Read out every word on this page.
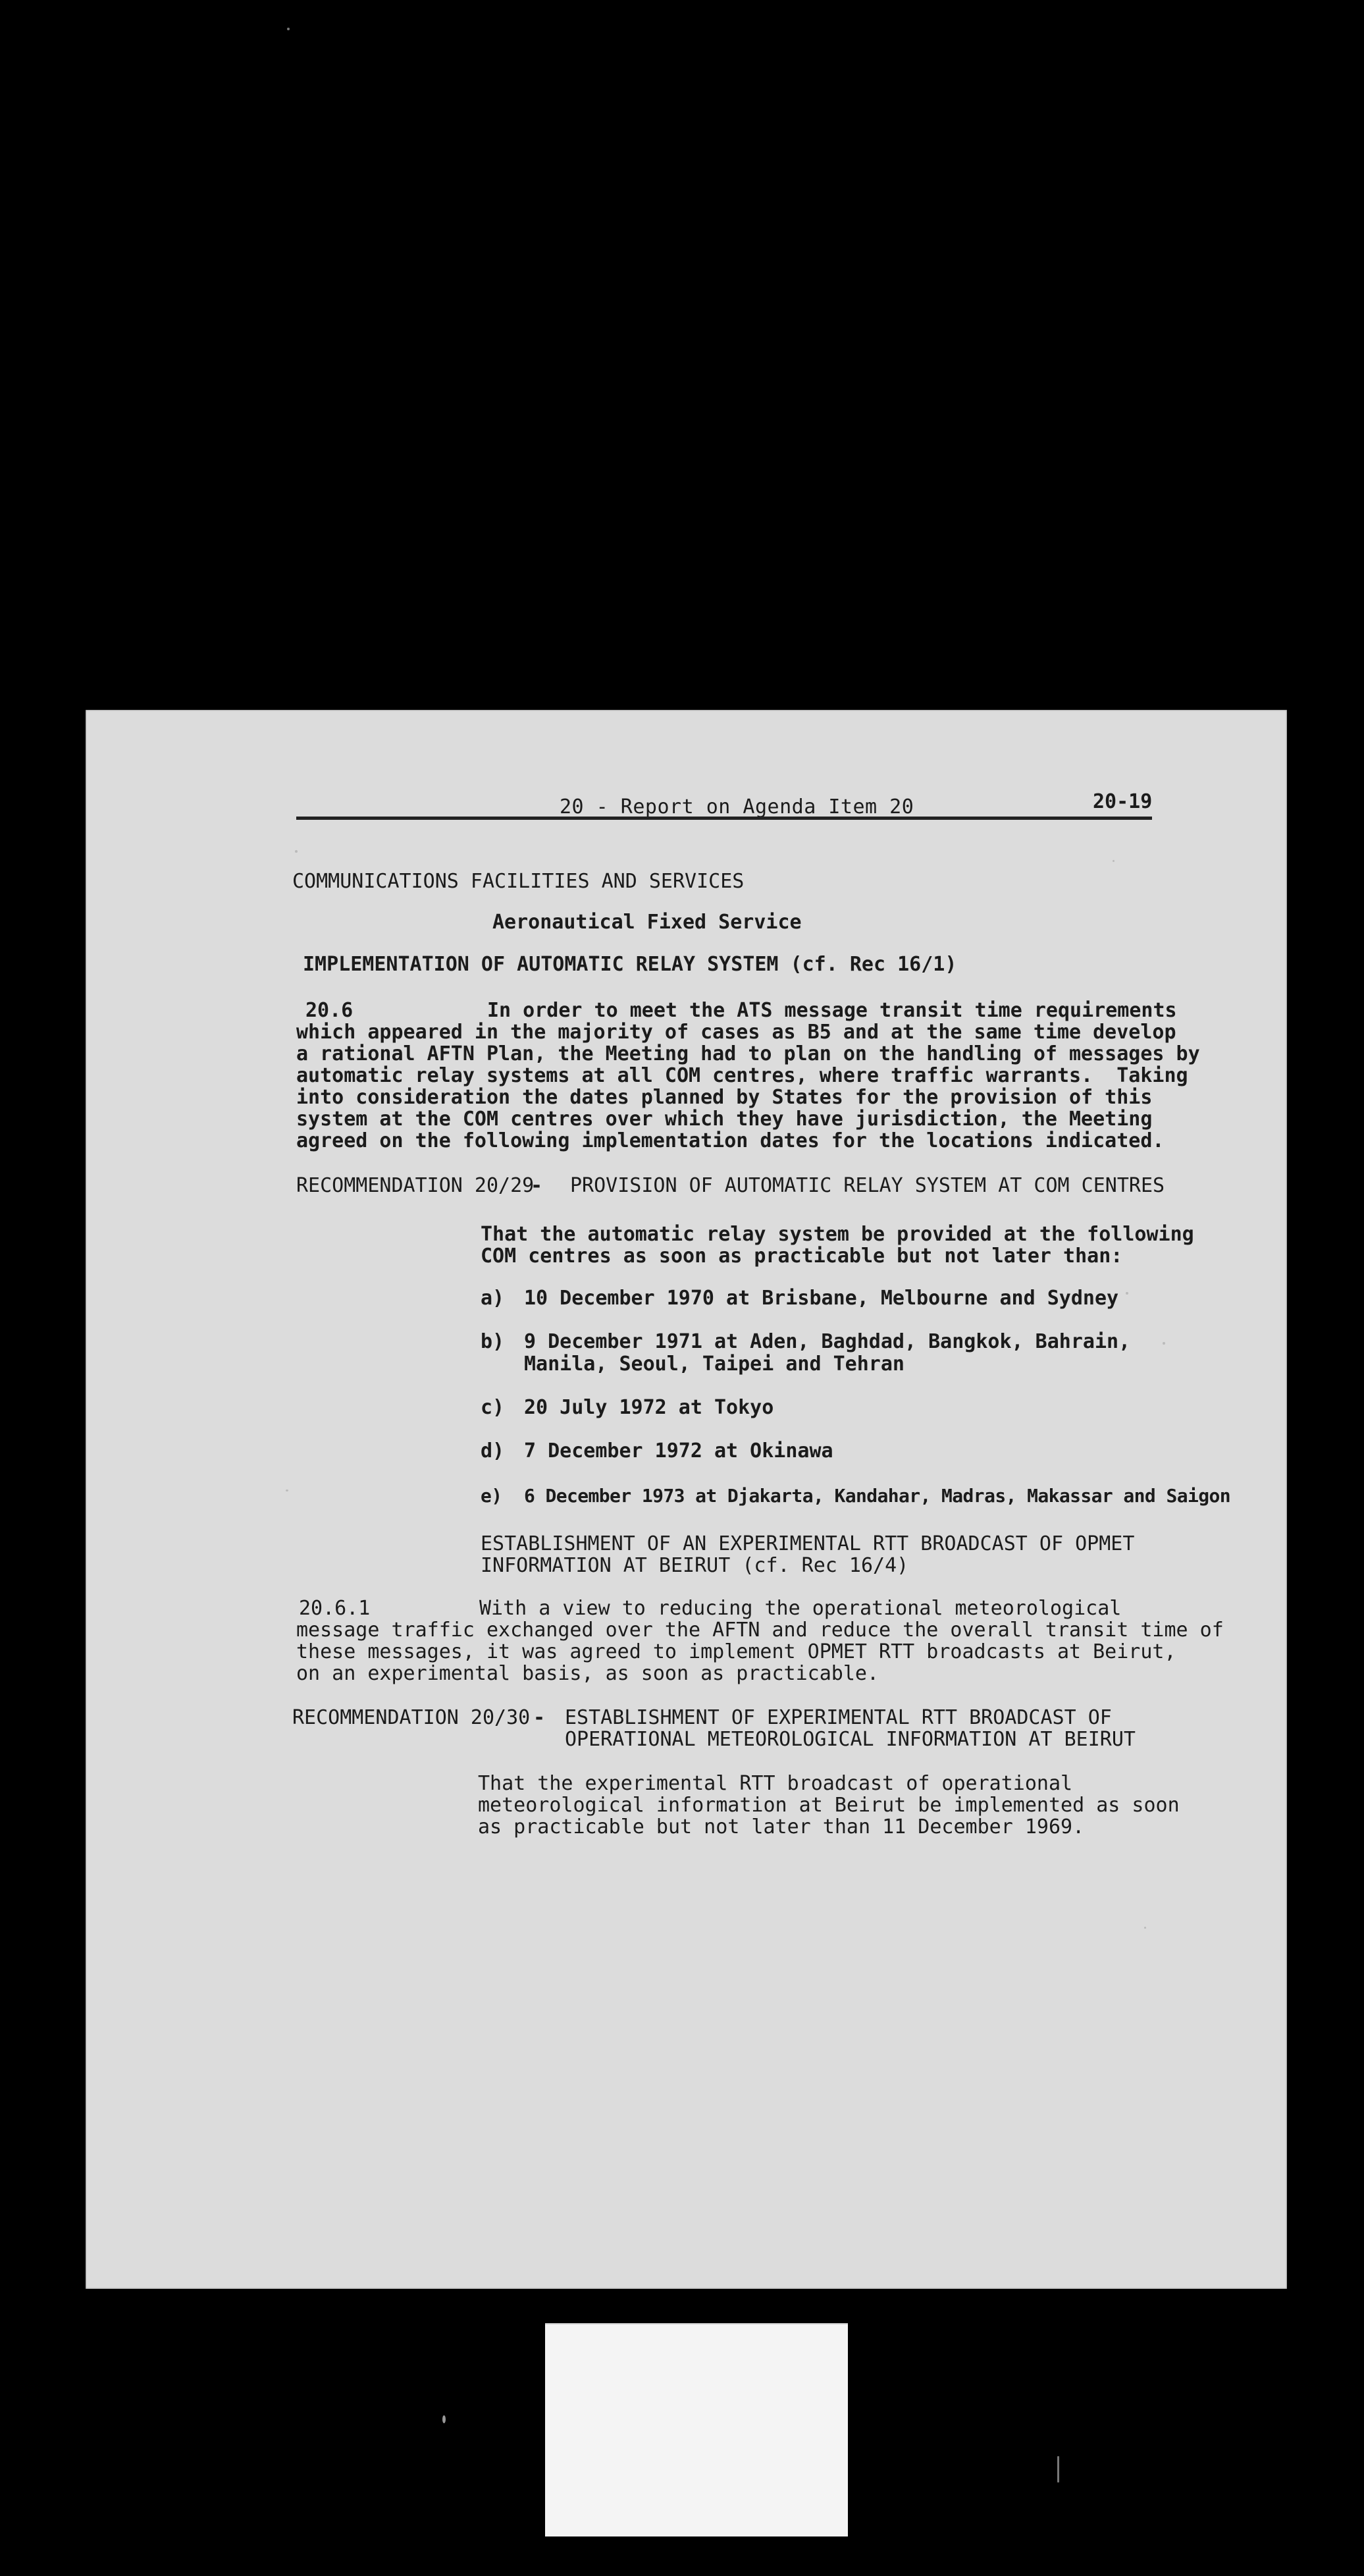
20 - Report on Agenda Item 20	20-19
COMMUNICATIONS FACILITIES AND SERVICES
Aeronautical Fixed Service
IMPLEMENTATION OF AUTOMATIC RELAY SYSTEM (cf. Rec 16/1)
20.6	In order to meet the ATS message transit time requirements
which appeared in the majority of cases as B5 and at the same time develop
a rational AFTN Plan, the Meeting had to plan on the handling of messages by
automatic relay systems at all COM centres, where traffic warrants.  Taking
into consideration the dates planned by States for the provision of this
system at the COM centres over which they have jurisdiction, the Meeting
agreed on the following implementation dates for the locations indicated.
RECOMMENDATION 20/29
- PROVISION OF AUTOMATIC RELAY SYSTEM AT COM CENTRES
That the automatic relay system be provided at the following
COM centres as soon as practicable but not later than:
a) 10 December 1970 at Brisbane, Melbourne and Sydney
b) 9 December 1971 at Aden, Baghdad, Bangkok, Bahrain,
Manila, Seoul, Taipei and Tehran
c) 20 July 1972 at Tokyo
d) 7 December 1972 at Okinawa
e) 6 December 1973 at Djakarta, Kandahar, Madras, Makassar and Saigon
ESTABLISHMENT OF AN EXPERIMENTAL RTT BROADCAST OF OPMET
INFORMATION AT BEIRUT (cf. Rec 16/4)
20.6.1	With a view to reducing the operational meteorological
message traffic exchanged over the AFTN and reduce the overall transit time of
these messages, it was agreed to implement OPMET RTT broadcasts at Beirut,
on an experimental basis, as soon as practicable.
RECOMMENDATION 20/30 - ESTABLISHMENT OF EXPERIMENTAL RTT BROADCAST OF
OPERATIONAL METEOROLOGICAL INFORMATION AT BEIRUT
That the experimental RTT broadcast of operational
meteorological information at Beirut be implemented as soon
as practicable but not later than 11 December 1969.
